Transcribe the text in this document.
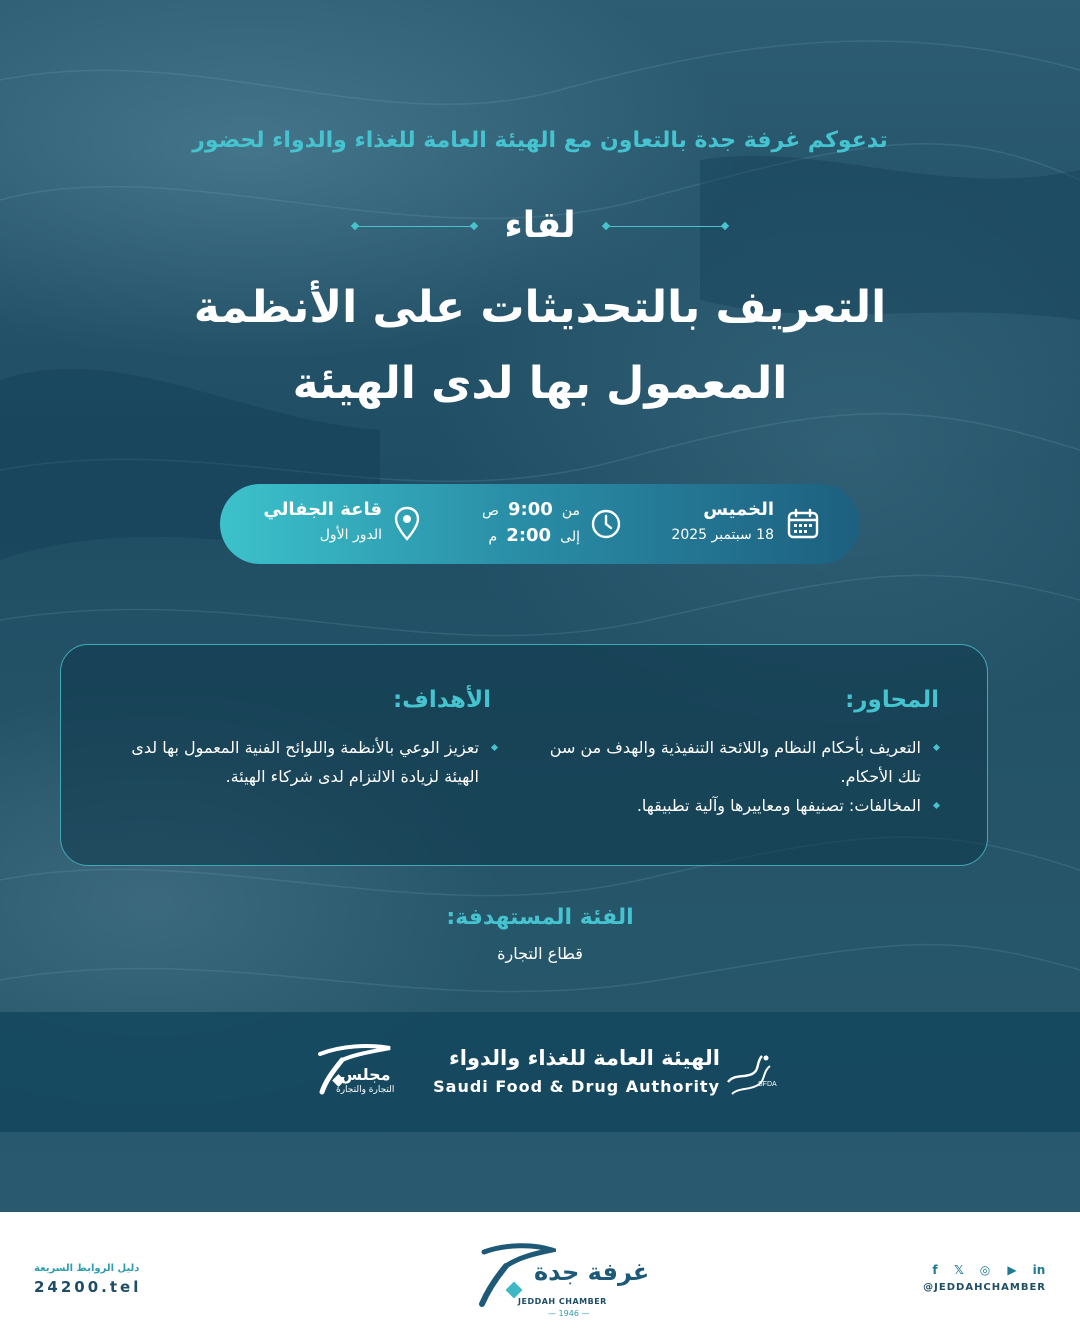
تدعوكم غرفة جدة بالتعاون مع الهيئة العامة للغذاء والدواء لحضور
لقاء
التعريف بالتحديثات على الأنظمة
المعمول بها لدى الهيئة
الخميس
18 سبتمبر 2025
من 9:00 ص
إلى 2:00 م
قاعة الجفالي
الدور الأول
المحاور:
التعريف بأحكام النظام واللائحة التنفيذية والهدف من سن تلك الأحكام.
المخالفات: تصنيفها ومعاييرها وآلية تطبيقها.
الأهداف:
تعزيز الوعي بالأنظمة واللوائح الفنية المعمول بها لدى الهيئة لزيادة الالتزام لدى شركاء الهيئة.
الفئة المستهدفة:
قطاع التجارة
SFDA
الهيئة العامة للغذاء والدواء
Saudi Food & Drug Authority
مجلس
التجارة والتجارة
دليل الروابط السريعة
24200.tel
غرفة جدة
JEDDAH CHAMBER
— 1946 —
f	𝕏	◎	▶	in
@JEDDAHCHAMBER
